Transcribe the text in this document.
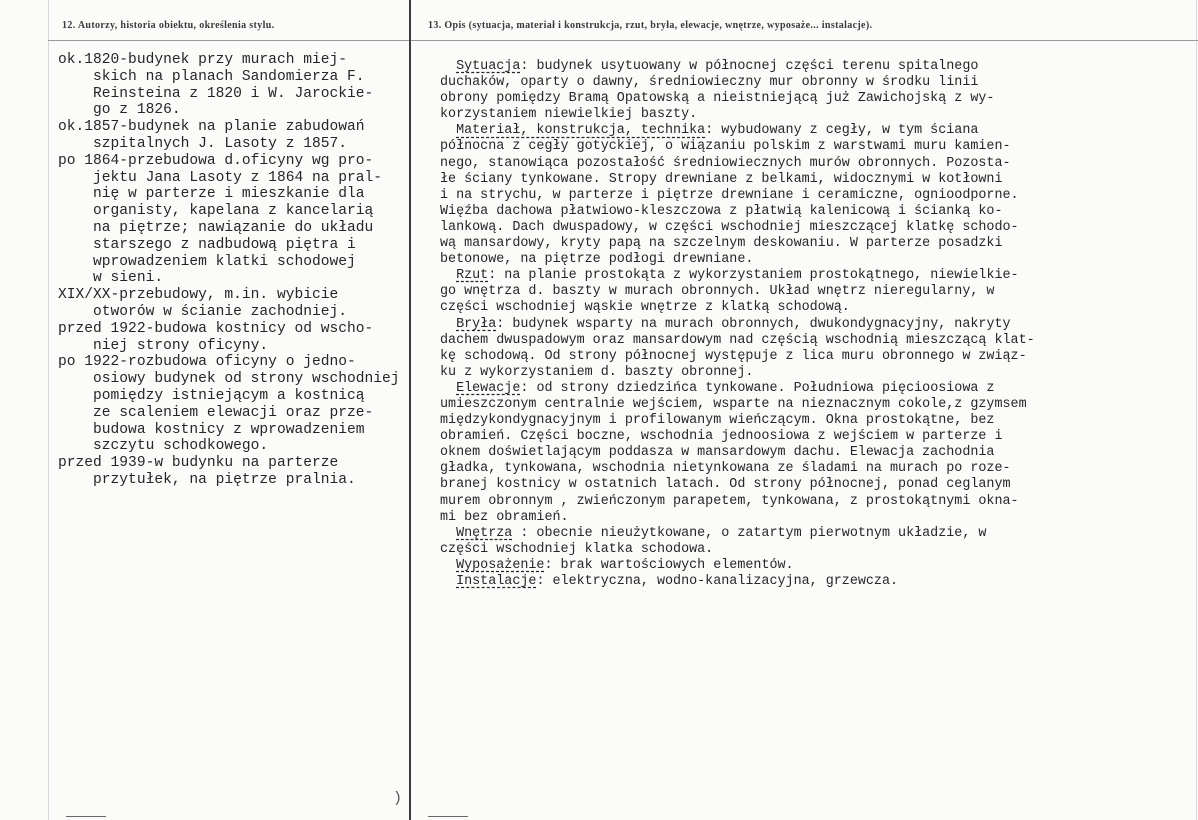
12. Autorzy, historia obiektu, określenia stylu.	13. Opis (sytuacja, materiał i konstrukcja, rzut, bryła, elewacje, wnętrze, wyposaże... instalacje).
ok.1820-budynek przy murach miej-
skich na planach Sandomierza F.
Reinsteina z 1820 i W. Jarockie-
go z 1826.
ok.1857-budynek na planie zabudowań
szpitalnych J. Lasoty z 1857.
po 1864-przebudowa d.oficyny wg pro-
jektu Jana Lasoty z 1864 na pral-
nię w parterze i mieszkanie dla
organisty, kapelana z kancelarią
na piętrze; nawiązanie do układu
starszego z nadbudową piętra i
wprowadzeniem klatki schodowej
w sieni.
XIX/XX-przebudowy, m.in. wybicie
otworów w ścianie zachodniej.
przed 1922-budowa kostnicy od wscho-
niej strony oficyny.
po 1922-rozbudowa oficyny o jedno-
osiowy budynek od strony wschodniej
pomiędzy istniejącym a kostnicą
ze scaleniem elewacji oraz prze-
budowa kostnicy z wprowadzeniem
szczytu schodkowego.
przed 1939-w budynku na parterze
przytułek, na piętrze pralnia.
Sytuacja: budynek usytuowany w północnej części terenu spitalnego
duchaków, oparty o dawny, średniowieczny mur obronny w środku linii
obrony pomiędzy Bramą Opatowską a nieistniejącą już Zawichojską z wy-
korzystaniem niewielkiej baszty.
Materiał, konstrukcja, technika: wybudowany z cegły, w tym ściana
północna z cegły gotyckiej, o wiązaniu polskim z warstwami muru kamien-
nego, stanowiąca pozostałość średniowiecznych murów obronnych. Pozosta-
łe ściany tynkowane. Stropy drewniane z belkami, widocznymi w kotłowni
i na strychu, w parterze i piętrze drewniane i ceramiczne, ognioodporne.
Więźba dachowa płatwiowo-kleszczowa z płatwią kalenicową i ścianką ko-
lankową. Dach dwuspadowy, w części wschodniej mieszczącej klatkę schodo-
wą mansardowy, kryty papą na szczelnym deskowaniu. W parterze posadzki
betonowe, na piętrze podłogi drewniane.
Rzut: na planie prostokąta z wykorzystaniem prostokątnego, niewielkie-
go wnętrza d. baszty w murach obronnych. Układ wnętrz nieregularny, w
części wschodniej wąskie wnętrze z klatką schodową.
Bryła: budynek wsparty na murach obronnych, dwukondygnacyjny, nakryty
dachem dwuspadowym oraz mansardowym nad częścią wschodnią mieszczącą klat-
kę schodową. Od strony północnej występuje z lica muru obronnego w związ-
ku z wykorzystaniem d. baszty obronnej.
Elewacje: od strony dziedzińca tynkowane. Południowa pięcioosiowa z
umieszczonym centralnie wejściem, wsparte na nieznacznym cokole,z gzymsem
międzykondygnacyjnym i profilowanym wieńczącym. Okna prostokątne, bez
obramień. Części boczne, wschodnia jednoosiowa z wejściem w parterze i
oknem doświetlającym poddasza w mansardowym dachu. Elewacja zachodnia
gładka, tynkowana, wschodnia nietynkowana ze śladami na murach po roze-
branej kostnicy w ostatnich latach. Od strony północnej, ponad ceglanym
murem obronnym , zwieńczonym parapetem, tynkowana, z prostokątnymi okna-
mi bez obramień.
Wnętrza : obecnie nieużytkowane, o zatartym pierwotnym układzie, w
części wschodniej klatka schodowa.
Wyposażenie: brak wartościowych elementów.
Instalacje: elektryczna, wodno-kanalizacyjna, grzewcza.
)
